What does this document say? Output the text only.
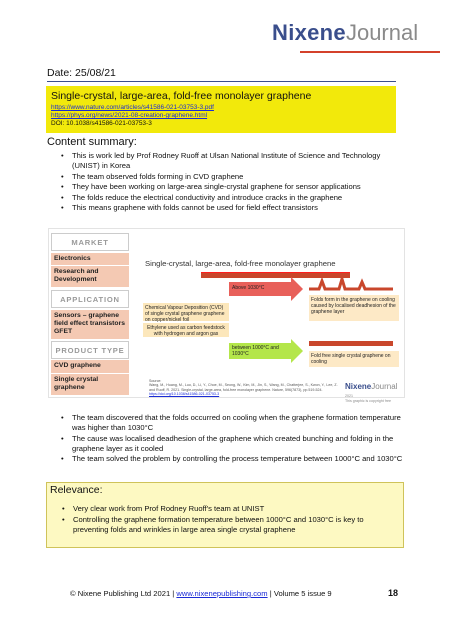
NixeneJournal
Date: 25/08/21
Single-crystal, large-area, fold-free monolayer graphene
https://www.nature.com/articles/s41586-021-03753-3.pdf
https://phys.org/news/2021-08-creation-graphene.html
DOI: 10.1038/s41586-021-03753-3
Content summary:
• This is work led by Prof Rodney Ruoff at Ulsan National Institute of Science and Technology (UNIST) in Korea
• The team observed folds forming in CVD graphene
• They have been working on large-area single-crystal graphene for sensor applications
• The folds reduce the electrical conductivity and introduce cracks in the graphene
• This means graphene with folds cannot be used for field effect transistors
MARKET
Electronics
Research and Development
APPLICATION
Sensors – graphene field effect transistors GFET
PRODUCT TYPE
CVD graphene
Single crystal graphene
Single-crystal, large-area, fold-free monolayer graphene
Above 1030°C
between 1000°C and 1030°C
Chemical Vapour Deposition (CVD) of single crystal graphene graphene on copper/nickel foil
Ethylene used as carbon feedstock with hydrogen and argon gas
Folds form in the graphene on cooling caused by localised deadhesion of the graphene layer
Fold free single crystal graphene on cooling
Source:
Wang, M., Huang, M., Luo, D., Li, Y., Choe, M., Seong, W., Kim, M., Jin, S., Wang, M., Chatterjee, S., Kwon, Y., Lee, Z. and Ruoff, R. 2021. Single-crystal, large-area, fold-free monolayer graphene. Nature, 596(7873), pp.519-524.
https://doi.org/10.1038/s41586-021-03753-3
NixeneJournal
2021
This graphic is copyright free
• The team discovered that the folds occurred on cooling when the graphene formation temperature was higher than 1030°C
• The cause was localised deadhesion of the graphene which created bunching and folding in the graphene layer as it cooled
• The team solved the problem by controlling the process temperature between 1000°C and 1030°C
Relevance:
• Very clear work from Prof Rodney Ruoff's team at UNIST
• Controlling the graphene formation temperature between 1000°C and 1030°C is key to preventing folds and wrinkles in large area single crystal graphene
© Nixene Publishing Ltd 2021 | www.nixenepublishing.com | Volume 5 issue 9	18
